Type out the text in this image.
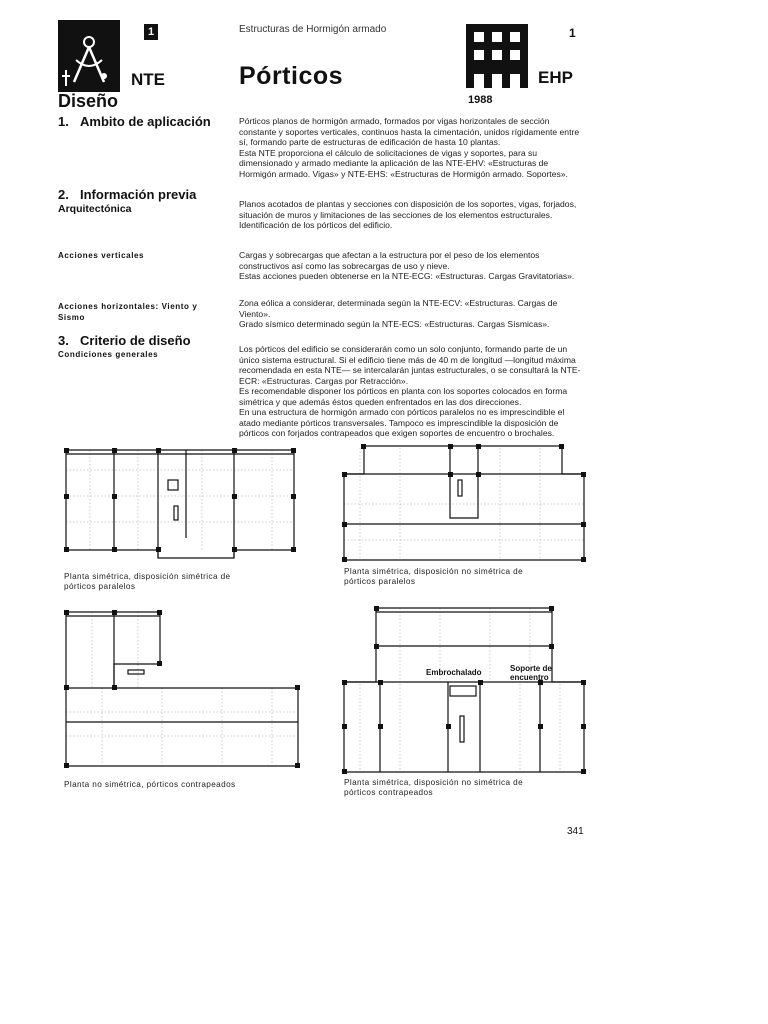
1
NTE
Estructuras de Hormigón armado
Pórticos	EHP
1
1988
Diseño
1. Ambito de aplicación
2. Información previa
Arquitectónica
Acciones verticales
Acciones horizontales: Viento y Sismo
3. Criterio de diseño
Condiciones generales

Pórticos planos de hormigón armado, formados por vigas horizontales de sección constante y soportes verticales, continuos hasta la cimentación, unidos rígidamente entre sí, formando parte de estructuras de edificación de hasta 10 plantas.

Esta NTE proporciona el cálculo de solicitaciones de vigas y soportes, para su dimensionado y armado mediante la aplicación de las NTE-EHV: «Estructuras de Hormigón armado. Vigas» y NTE-EHS: «Estructuras de Hormigón armado. Soportes».

Planos acotados de plantas y secciones con disposición de los soportes, vigas, forjados, situación de muros y limitaciones de las secciones de los elementos estructurales.

Identificación de los pórticos del edificio.

Cargas y sobrecargas que afectan a la estructura por el peso de los elementos constructivos así como las sobrecargas de uso y nieve.

Estas acciones pueden obtenerse en la NTE-ECG: «Estructuras. Cargas Gravitatorias».

Zona eólica a considerar, determinada según la NTE-ECV: «Estructuras. Cargas de Viento».

Grado sísmico determinado según la NTE-ECS: «Estructuras. Cargas Sísmicas».

Los pórticos del edificio se considerarán como un solo conjunto, formando parte de un único sistema estructural. Si el edificio tiene más de 40 m de longitud —longitud máxima recomendada en esta NTE— se intercalarán juntas estructurales, o se consultará la NTE-ECR: «Estructuras. Cargas por Retracción».

Es recomendable disponer los pórticos en planta con los soportes colocados en forma simétrica y que además éstos queden enfrentados en las dos direcciones.

En una estructura de hormigón armado con pórticos paralelos no es imprescindible el atado mediante pórticos transversales. Tampoco es imprescindible la disposición de pórticos con forjados contrapeados que exigen soportes de encuentro o brochales.

Planta simétrica, disposición simétrica de pórticos paralelos
Planta simétrica, disposición no simétrica de pórticos paralelos
Planta no simétrica, pórticos contrapeados
Embrochalado	Soporte de encuentro
Planta simétrica, disposición no simétrica de pórticos contrapeados
341
